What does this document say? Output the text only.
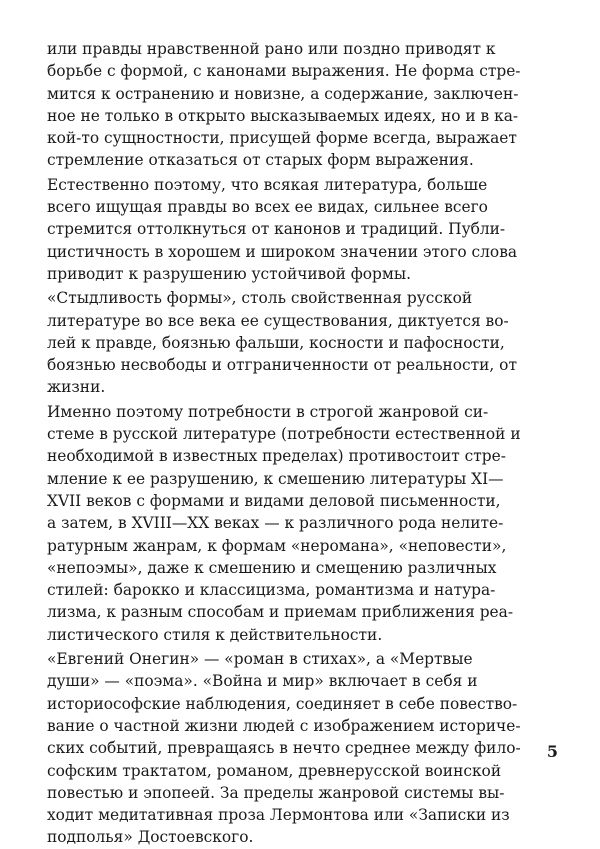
или правды нравственной рано или поздно приводят к
борьбе с формой, с канонами выражения. Не форма стре-
мится к остранению и новизне, а содержание, заключен-
ное не только в открыто высказываемых идеях, но и в ка-
кой-то сущностности, присущей форме всегда, выражает
стремление отказаться от старых форм выражения.

Естественно поэтому, что всякая литература, больше
всего ищущая правды во всех ее видах, сильнее всего
стремится оттолкнуться от канонов и традиций. Публи-
цистичность в хорошем и широком значении этого слова
приводит к разрушению устойчивой формы.

«Стыдливость формы», столь свойственная русской
литературе во все века ее существования, диктуется во-
лей к правде, боязнью фальши, косности и пафосности,
боязнью несвободы и отграниченности от реальности, от
жизни.

Именно поэтому потребности в строгой жанровой си-
стеме в русской литературе (потребности естественной и
необходимой в известных пределах) противостоит стре-
мление к ее разрушению, к смешению литературы XI—
XVII веков с формами и видами деловой письменности,
а затем, в XVIII—XX веках — к различного рода нелите-
ратурным жанрам, к формам «нероманa», «неповести»,
«непоэмы», даже к смешению и смещению различных
стилей: барокко и классицизма, романтизма и натура-
лизма, к разным способам и приемам приближения реа-
листического стиля к действительности.

«Евгений Онегин» — «роман в стихах», а «Мертвые
души» — «поэма». «Война и мир» включает в себя и
историософские наблюдения, соединяет в себе повество-
вание о частной жизни людей с изображением историче-
ских событий, превращаясь в нечто среднее между фило-
софским трактатом, романом, древнерусской воинской
повестью и эпопеей. За пределы жанровой системы вы-
ходит медитативная проза Лермонтова или «Записки из
подполья» Достоевского.

5
